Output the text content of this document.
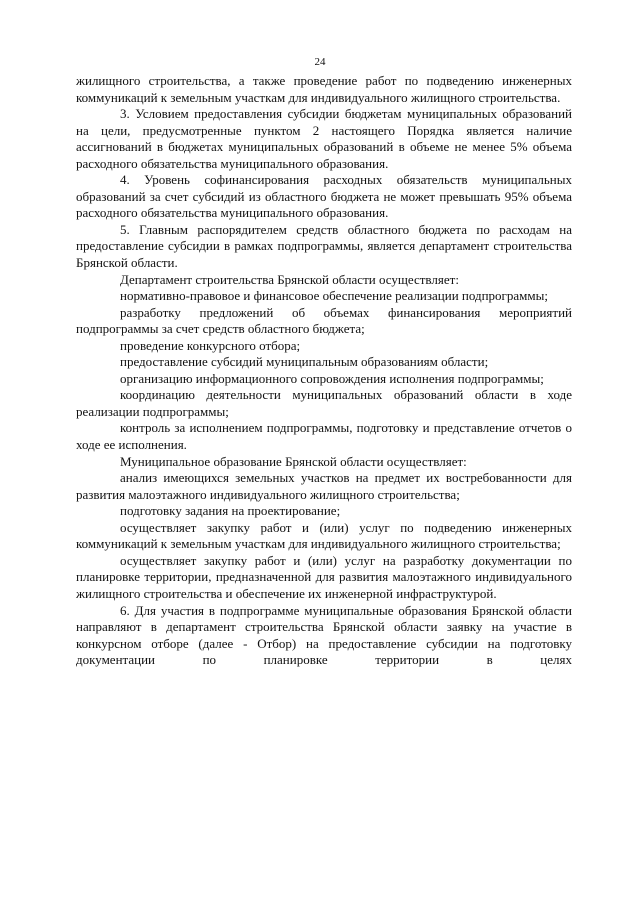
24

жилищного строительства, а также проведение работ по подведению инженерных коммуникаций к земельным участкам для индивидуального жилищного строительства.

3. Условием предоставления субсидии бюджетам муниципальных образований на цели, предусмотренные пунктом 2 настоящего Порядка является наличие ассигнований в бюджетах муниципальных образований в объеме не менее 5% объема расходного обязательства муниципального образования.

4. Уровень софинансирования расходных обязательств муниципальных образований за счет субсидий из областного бюджета не может превышать 95% объема расходного обязательства муниципального образования.

5. Главным распорядителем средств областного бюджета по расходам на предоставление субсидии в рамках подпрограммы, является департамент строительства Брянской области.

Департамент строительства Брянской области осуществляет:

нормативно-правовое и финансовое обеспечение реализации подпрограммы;

разработку предложений об объемах финансирования мероприятий подпрограммы за счет средств областного бюджета;

проведение конкурсного отбора;

предоставление субсидий муниципальным образованиям области;

организацию информационного сопровождения исполнения подпрограммы;

координацию деятельности муниципальных образований области в ходе реализации подпрограммы;

контроль за исполнением подпрограммы, подготовку и представление отчетов о ходе ее исполнения.

Муниципальное образование Брянской области осуществляет:

анализ имеющихся земельных участков на предмет их востребованности для развития малоэтажного индивидуального жилищного строительства;

подготовку задания на проектирование;

осуществляет закупку работ и (или) услуг по подведению инженерных коммуникаций к земельным участкам для индивидуального жилищного строительства;

осуществляет закупку работ и (или) услуг на разработку документации по планировке территории, предназначенной для развития малоэтажного индивидуального жилищного строительства и обеспечение их инженерной инфраструктурой.

6. Для участия в подпрограмме муниципальные образования Брянской области направляют в департамент строительства Брянской области заявку на участие в конкурсном отборе (далее - Отбор) на предоставление субсидии на подготовку документации по планировке территории в целях
